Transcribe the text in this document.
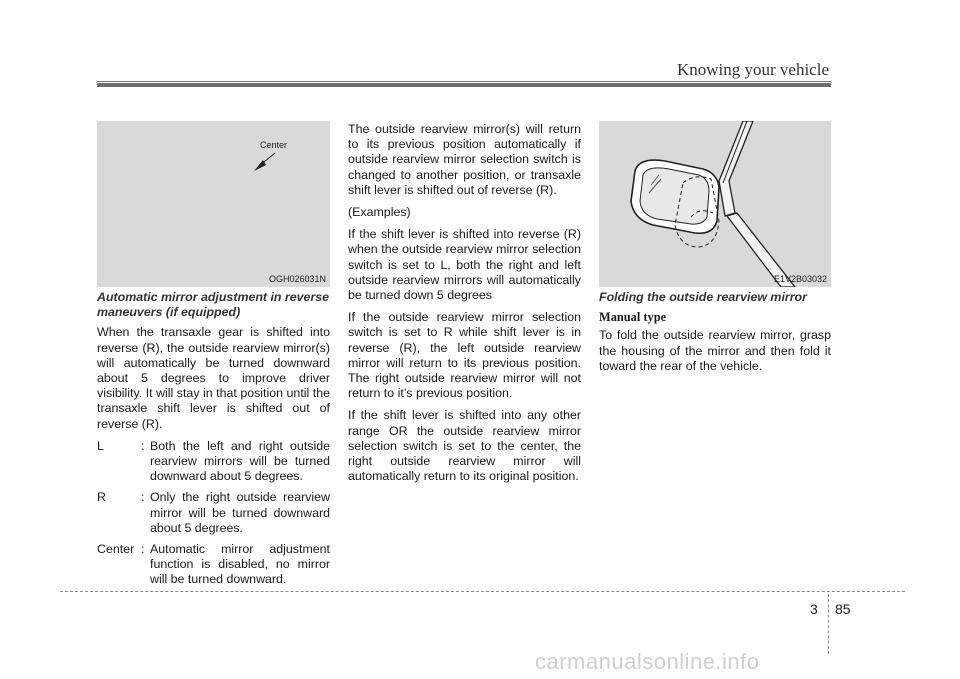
Knowing your vehicle
Center
OGH026031N	E1V2B03032
Automatic mirror adjustment in reverse maneuvers (if equipped)

When the transaxle gear is shifted into reverse (R), the outside rearview mirror(s) will automatically be turned downward about 5 degrees to improve driver visibility. It will stay in that position until the transaxle shift lever is shifted out of reverse (R).

L	: Both the left and right outside rearview mirrors will be turned downward about 5 degrees.
R	: Only the right outside rearview mirror will be turned downward about 5 degrees.
Center : Automatic mirror adjustment function is disabled, no mirror will be turned downward.

The outside rearview mirror(s) will return to its previous position automatically if outside rearview mirror selection switch is changed to another position, or transaxle shift lever is shifted out of reverse (R).

(Examples)

If the shift lever is shifted into reverse (R) when the outside rearview mirror selection switch is set to L, both the right and left outside rearview mirrors will automatically be turned down 5 degrees

If the outside rearview mirror selection switch is set to R while shift lever is in reverse (R), the left outside rearview mirror will return to its previous position. The right outside rearview mirror will not return to it’s previous position.

If the shift lever is shifted into any other range OR the outside rearview mirror selection switch is set to the center, the right outside rearview mirror will automatically return to its original position.

Folding the outside rearview mirror
Manual type

To fold the outside rearview mirror, grasp the housing of the mirror and then fold it toward the rear of the vehicle.

3 85
carmanualsonline.info
